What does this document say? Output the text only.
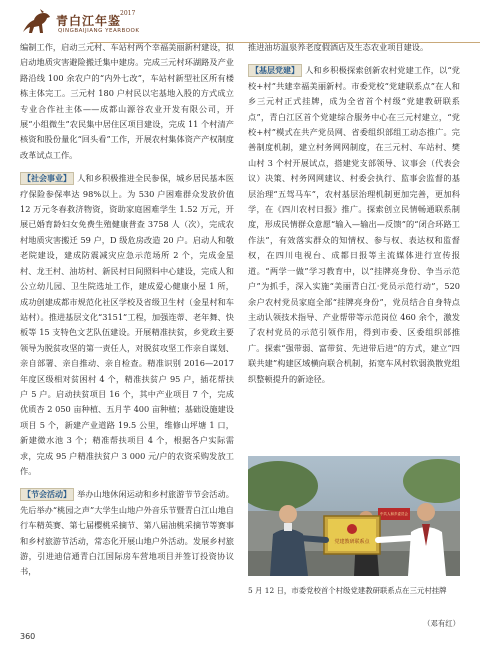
青白江年鉴
2017
QINGBAIJIANG YEARBOOK

编制工作，启动三元村、车站村两个幸福美丽新村建设，拟启动地质灾害避险搬迁集中建房。完成三元村环湖路及产业路沿线 100 余农户的“内外七改”，车站村新型社区所有楼栋主体完工。三元村 180 户村民以宅基地入股的方式成立专业合作社主体——成都山源谷农业开发有限公司，开展“小组微生”农民集中居住区项目建设，完成 11 个村清产核资和股份量化“回头看”工作，开展农村集体资产产权制度改革试点工作。

【社会事业】 人和乡积极推进全民参保，城乡居民基本医疗保险参保率达 98%以上。为 530 户困难群众发放价值 12 万元冬春救济物资，资助家庭困难学生 1.52 万元，开展已婚育龄妇女免费生殖健康普查 3758 人（次），完成农村地质灾害搬迁 59 户，D 级危房改造 20 户。启动人和敬老院建设，建成防震减灾应急示范场所 2 个，完成金星村、龙王村、油坊村、新民村日间照料中心建设，完成人和公立幼儿园、卫生院选址工作，建成爱心健康小屋 1 所，成功创建成都市规范化社区学校及省级卫生村（金星村和车站村）。推进基层文化“3151”工程，加强连蒂、老年舞、快板等 15 支特色文艺队伍建设。开展精准扶贫，乡党政主要领导为脱贫攻坚的第一责任人，对脱贫攻坚工作亲自谋划、亲自部署、亲自推动、亲自检查。精准识别 2016—2017 年度区级相对贫困村 4 个，精准扶贫户 95 户，插花帮扶户 5 户。启动扶贫项目 16 个，其中产业项目 7 个，完成优质杏 2 050 亩种植、五月芋 400 亩种植；基础设施建设项目 5 个，新建产业道路 19.5 公里，维修山坪塘 1 口，新建微水池 3 个；精准帮扶项目 4 个，根据各户实际需求，完成 95 户精准扶贫户 3 000 元/户的农资采购发放工作。

【节会活动】 举办山地休闲运动和乡村旅游节节会活动。先后举办“桃园之声”大学生山地户外音乐节暨青白江山地自行车精英赛、第七届樱桃采摘节、第八届油桃采摘节等赛事和乡村旅游节活动，常态化开展山地户外活动。发展乡村旅游，引进迪信通青白江国际房车营地项目并签订投资协议书，

推进油坊温泉养老度假酒店及生态农业项目建设。

【基层党建】 人和乡积极探索创新农村党建工作，以“党校+村”共建幸福美丽新村。市委党校“党建联系点”在人和乡三元村正式挂牌，成为全省首个村级“党建教研联系点”，青白江区首个党建综合服务中心在三元村建立，“党校+村”模式在共产党员网、省委组织部组工动态推广。完善制度机制，建立村务网网制度，在三元村、车站村、樊山村 3 个村开展试点，搭建党支部领导、议事会（代表会议）决策、村务网网建议、村委会执行、监事会监督的基层治理“五驾马车”，农村基层治理机制更加完善，更加科学，在《四川农村日报》推广。探索创立民情畅通联系制度，形成民情群众意愿“输入—输出—反馈”的“闭合环路工作法”，有效落实群众的知情权、参与权、表达权和监督权，在四川电视台、成都日报等主流媒体进行宣传报道。“两学一做”学习教育中，以“挂牌亮身份、争当示范户”为抓手，深入实施“美丽青白江·党员示范行动”，520 余户农村党员家庭全部“挂牌亮身份”，党员结合自身特点主动认领技术指导、产业帮带等示范岗位 460 余个，激发了农村党员的示范引领作用，得到市委、区委组织部推广。探索“强带弱、富带贫、先进带后进”的方式，建立“四联共建”构建区域横向联合机制，拓宽车风村软弱涣散党组织整顿提升的新途径。

党建教研联系点
中共人和乡委员会
5 月 12 日，市委党校首个村级党建教研联系点在三元村挂牌
（邓有红）
360
